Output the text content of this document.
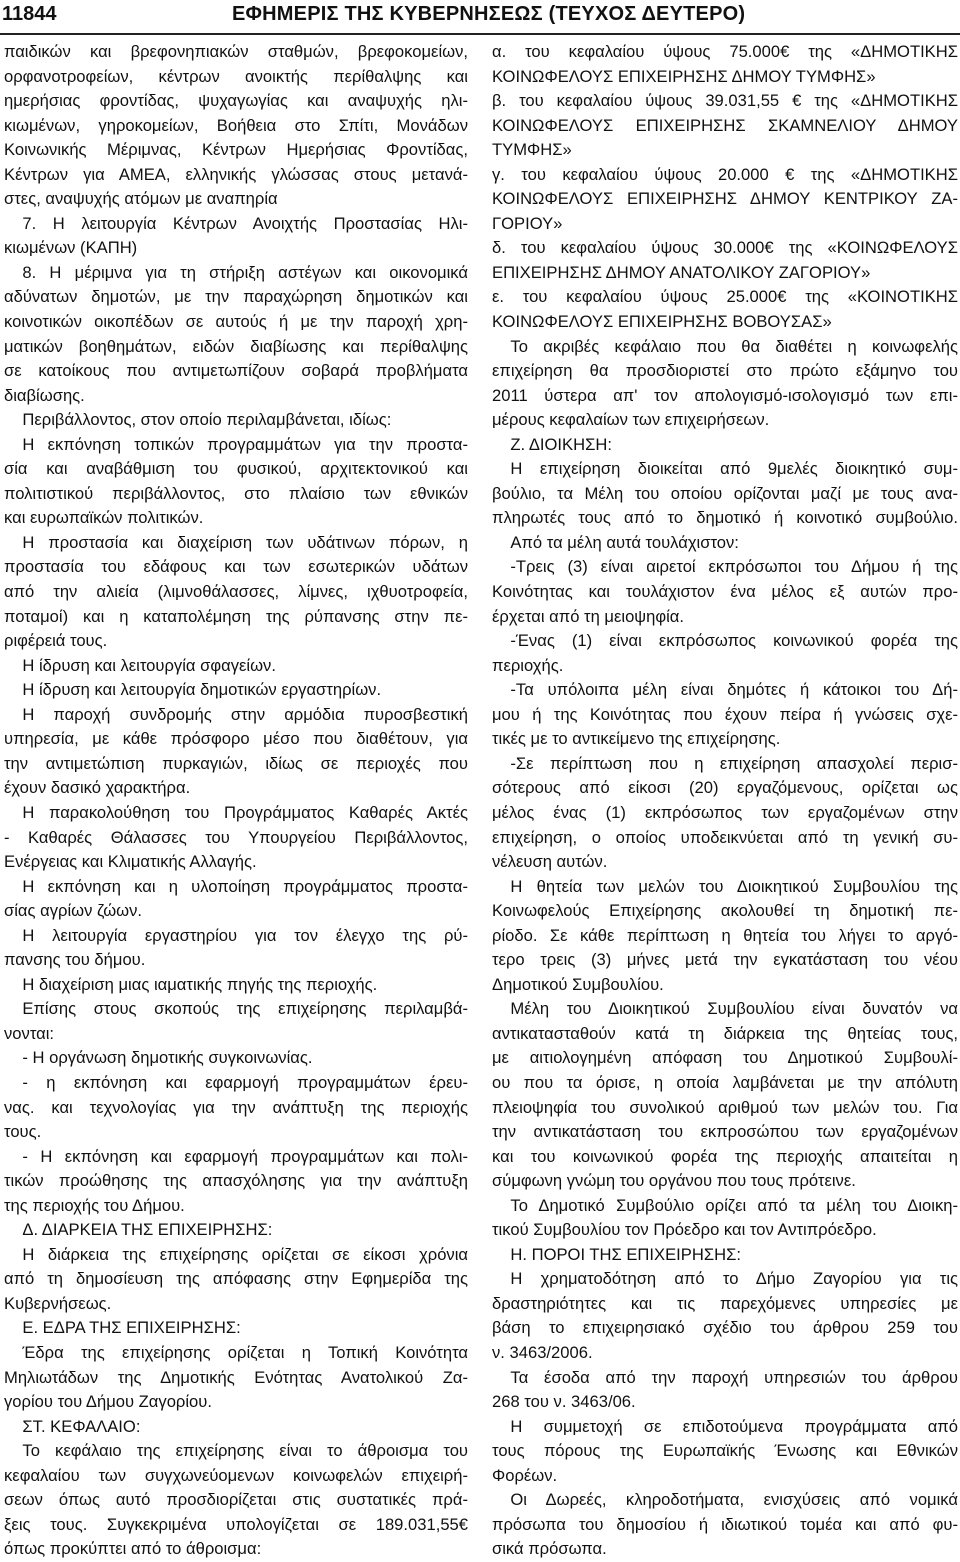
11844	ΕΦΗΜΕΡΙΣ ΤΗΣ ΚΥΒΕΡΝΗΣΕΩΣ (ΤΕΥΧΟΣ ΔΕΥΤΕΡΟ)
παιδικών και βρεφονηπιακών σταθμών, βρεφοκομείων,
ορφανοτροφείων, κέντρων ανοικτής περίθαλψης και
ημερήσιας φροντίδας, ψυχαγωγίας και αναψυχής ηλι-
κιωμένων, γηροκομείων, Βοήθεια στο Σπίτι, Μονάδων
Κοινωνικής Μέριμνας, Κέντρων Ημερήσιας Φροντίδας,
Κέντρων για ΑΜΕΑ, ελληνικής γλώσσας στους μετανά-
στες, αναψυχής ατόμων με αναπηρία
7. Η λειτουργία Κέντρων Ανοιχτής Προστασίας Ηλι-
κιωμένων (ΚΑΠΗ)
8. Η μέριμνα για τη στήριξη αστέγων και οικονομικά
αδύνατων δημοτών, με την παραχώρηση δημοτικών και
κοινοτικών οικοπέδων σε αυτούς ή με την παροχή χρη-
ματικών βοηθημάτων, ειδών διαβίωσης και περίθαλψης
σε κατοίκους που αντιμετωπίζουν σοβαρά προβλήματα
διαβίωσης.
Περιβάλλοντος, στον οποίο περιλαμβάνεται, ιδίως:
Η εκπόνηση τοπικών προγραμμάτων για την προστα-
σία και αναβάθμιση του φυσικού, αρχιτεκτονικού και
πολιτιστικού περιβάλλοντος, στο πλαίσιο των εθνικών
και ευρωπαϊκών πολιτικών.
Η προστασία και διαχείριση των υδάτινων πόρων, η
προστασία του εδάφους και των εσωτερικών υδάτων
από την αλιεία (λιμνοθάλασσες, λίμνες, ιχθυοτροφεία,
ποταμοί) και η καταπολέμηση της ρύπανσης στην πε-
ριφέρειά τους.
Η ίδρυση και λειτουργία σφαγείων.
Η ίδρυση και λειτουργία δημοτικών εργαστηρίων.
Η παροχή συνδρομής στην αρμόδια πυροσβεστική
υπηρεσία, με κάθε πρόσφορο μέσο που διαθέτουν, για
την αντιμετώπιση πυρκαγιών, ιδίως σε περιοχές που
έχουν δασικό χαρακτήρα.
Η παρακολούθηση του Προγράμματος Καθαρές Ακτές
- Καθαρές Θάλασσες του Υπουργείου Περιβάλλοντος,
Ενέργειας και Κλιματικής Αλλαγής.
Η εκπόνηση και η υλοποίηση προγράμματος προστα-
σίας αγρίων ζώων.
Η λειτουργία εργαστηρίου για τον έλεγχο της ρύ-
πανσης του δήμου.
Η διαχείριση μιας ιαματικής πηγής της περιοχής.
Επίσης στους σκοπούς της επιχείρησης περιλαμβά-
νονται:
- Η οργάνωση δημοτικής συγκοινωνίας.
- η εκπόνηση και εφαρμογή προγραμμάτων έρευ-
νας. και τεχνολογίας για την ανάπτυξη της περιοχής
τους.
- Η εκπόνηση και εφαρμογή προγραμμάτων και πολι-
τικών προώθησης της απασχόλησης για την ανάπτυξη
της περιοχής του Δήμου.
Δ. ΔΙΑΡΚΕΙΑ ΤΗΣ ΕΠΙΧΕΙΡΗΣΗΣ:
Η διάρκεια της επιχείρησης ορίζεται σε είκοσι χρόνια
από τη δημοσίευση της απόφασης στην Εφημερίδα της
Κυβερνήσεως.
Ε. ΕΔΡΑ ΤΗΣ ΕΠΙΧΕΙΡΗΣΗΣ:
Έδρα της επιχείρησης ορίζεται η Τοπική Κοινότητα
Μηλιωτάδων της Δημοτικής Ενότητας Ανατολικού Ζα-
γορίου του Δήμου Ζαγορίου.
ΣΤ. ΚΕΦΑΛΑΙΟ:
Το κεφάλαιο της επιχείρησης είναι το άθροισμα του
κεφαλαίου των συγχωνεύομενων κοινωφελών επιχειρή-
σεων όπως αυτό προσδιορίζεται στις συστατικές πρά-
ξεις τους. Συγκεκριμένα υπολογίζεται σε 189.031,55€
όπως προκύπτει από το άθροισμα:
α. του κεφαλαίου ύψους 75.000€ της «ΔΗΜΟΤΙΚΗΣ
ΚΟΙΝΩΦΕΛΟΥΣ ΕΠΙΧΕΙΡΗΣΗΣ ΔΗΜΟΥ ΤΥΜΦΗΣ»
β. του κεφαλαίου ύψους 39.031,55 € της «ΔΗΜΟΤΙΚΗΣ
ΚΟΙΝΩΦΕΛΟΥΣ ΕΠΙΧΕΙΡΗΣΗΣ ΣΚΑΜΝΕΛΙΟΥ ΔΗΜΟΥ
ΤΥΜΦΗΣ»
γ. του κεφαλαίου ύψους 20.000 € της «ΔΗΜΟΤΙΚΗΣ
ΚΟΙΝΩΦΕΛΟΥΣ ΕΠΙΧΕΙΡΗΣΗΣ ΔΗΜΟΥ ΚΕΝΤΡΙΚΟΥ ΖΑ-
ΓΟΡΙΟΥ»
δ. του κεφαλαίου ύψους 30.000€ της «ΚΟΙΝΩΦΕΛΟΥΣ
ΕΠΙΧΕΙΡΗΣΗΣ ΔΗΜΟΥ ΑΝΑΤΟΛΙΚΟΥ ΖΑΓΟΡΙΟΥ»
ε. του κεφαλαίου ύψους 25.000€ της «ΚΟΙΝΟΤΙΚΗΣ
ΚΟΙΝΩΦΕΛΟΥΣ ΕΠΙΧΕΙΡΗΣΗΣ ΒΟΒΟΥΣΑΣ»
Το ακριβές κεφάλαιο που θα διαθέτει η κοινωφελής
επιχείρηση θα προσδιοριστεί στο πρώτο εξάμηνο του
2011 ύστερα απ' τον απολογισμό-ισολογισμό των επι-
μέρους κεφαλαίων των επιχειρήσεων.
Ζ. ΔΙΟΙΚΗΣΗ:
Η επιχείρηση διοικείται από 9μελές διοικητικό συμ-
βούλιο, τα Μέλη του οποίου ορίζονται μαζί με τους ανα-
πληρωτές τους από το δημοτικό ή κοινοτικό συμβούλιο.
Από τα μέλη αυτά τουλάχιστον:
-Τρεις (3) είναι αιρετοί εκπρόσωποι του Δήμου ή της
Κοινότητας και τουλάχιστον ένα μέλος εξ αυτών προ-
έρχεται από τη μειοψηφία.
-Ένας (1) είναι εκπρόσωπος κοινωνικού φορέα της
περιοχής.
-Τα υπόλοιπα μέλη είναι δημότες ή κάτοικοι του Δή-
μου ή της Κοινότητας που έχουν πείρα ή γνώσεις σχε-
τικές με το αντικείμενο της επιχείρησης.
-Σε περίπτωση που η επιχείρηση απασχολεί περισ-
σότερους από είκοσι (20) εργαζόμενους, ορίζεται ως
μέλος ένας (1) εκπρόσωπος των εργαζομένων στην
επιχείρηση, ο οποίος υποδεικνύεται από τη γενική συ-
νέλευση αυτών.
Η θητεία των μελών του Διοικητικού Συμβουλίου της
Κοινωφελούς Επιχείρησης ακολουθεί τη δημοτική πε-
ρίοδο. Σε κάθε περίπτωση η θητεία του λήγει το αργό-
τερο τρεις (3) μήνες μετά την εγκατάσταση του νέου
Δημοτικού Συμβουλίου.
Μέλη του Διοικητικού Συμβουλίου είναι δυνατόν να
αντικατασταθούν κατά τη διάρκεια της θητείας τους,
με αιτιολογημένη απόφαση του Δημοτικού Συμβουλί-
ου που τα όρισε, η οποία λαμβάνεται με την απόλυτη
πλειοψηφία του συνολικού αριθμού των μελών του. Για
την αντικατάσταση του εκπροσώπου των εργαζομένων
και του κοινωνικού φορέα της περιοχής απαιτείται η
σύμφωνη γνώμη του οργάνου που τους πρότεινε.
Το Δημοτικό Συμβούλιο ορίζει από τα μέλη του Διοικη-
τικού Συμβουλίου τον Πρόεδρο και τον Αντιπρόεδρο.
Η. ΠΟΡΟΙ ΤΗΣ ΕΠΙΧΕΙΡΗΣΗΣ:
Η χρηματοδότηση από το Δήμο Ζαγορίου για τις
δραστηριότητες και τις παρεχόμενες υπηρεσίες με
βάση το επιχειρησιακό σχέδιο του άρθρου 259 του
ν. 3463/2006.
Τα έσοδα από την παροχή υπηρεσιών του άρθρου
268 του ν. 3463/06.
Η συμμετοχή σε επιδοτούμενα προγράμματα από
τους πόρους της Ευρωπαϊκής Ένωσης και Εθνικών
Φορέων.
Οι Δωρεές, κληροδοτήματα, ενισχύσεις από νομικά
πρόσωπα του δημοσίου ή ιδιωτικού τομέα και από φυ-
σικά πρόσωπα.
